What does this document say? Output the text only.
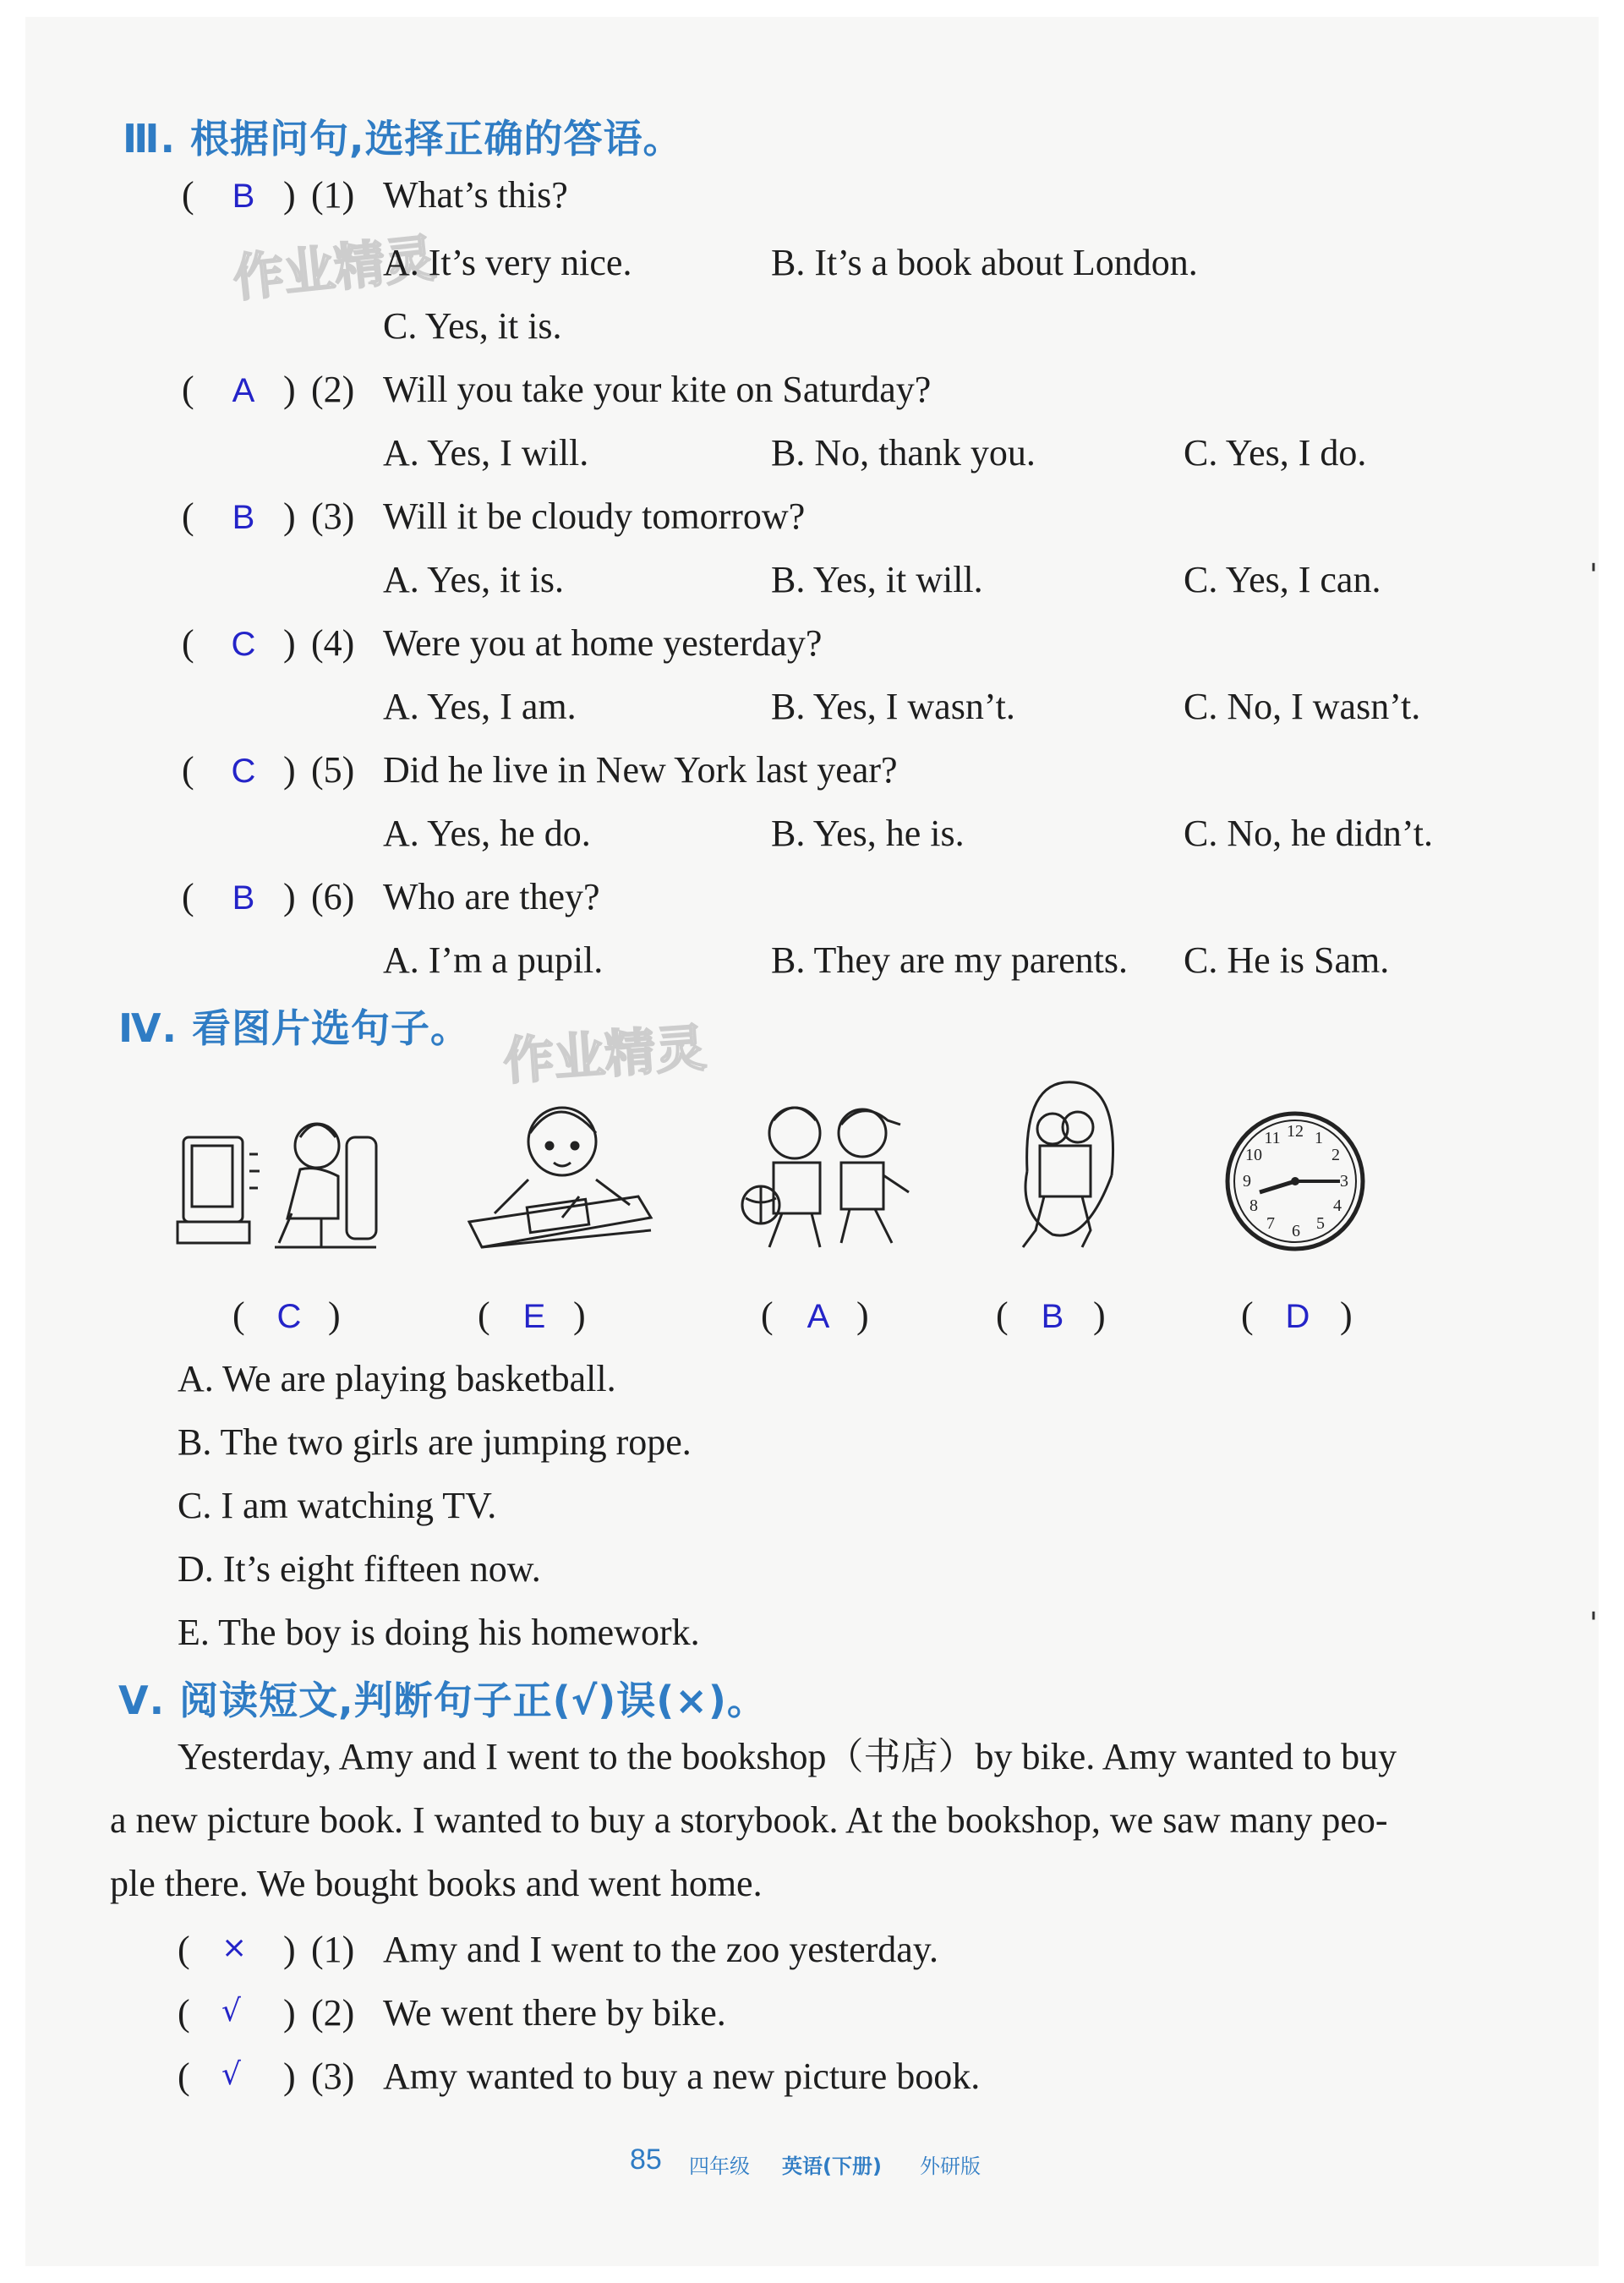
作业精灵
作业精灵
'
'
Ⅲ. 根据问句,选择正确的答语。
( B ) (1) What’s this?
A. It’s very nice.	B. It’s a book about London.
C. Yes, it is.
( A ) (2) Will you take your kite on Saturday?
A. Yes, I will.	B. No, thank you.	C. Yes, I do.
( B ) (3) Will it be cloudy tomorrow?
A. Yes, it is.	B. Yes, it will.	C. Yes, I can.
( C ) (4) Were you at home yesterday?
A. Yes, I am.	B. Yes, I wasn’t.	C. No, I wasn’t.
( C ) (5) Did he live in New York last year?
A. Yes, he do.	B. Yes, he is.	C. No, he didn’t.
( B ) (6) Who are they?
A. I’m a pupil.	B. They are my parents. C. He is Sam.
Ⅳ. 看图片选句子。
12 1
2
3
4
5
6
7
8
9
10
11
( C )	( E )	( A )	( B )	( D )
A. We are playing basketball.
B. The two girls are jumping rope.
C. I am watching TV.
D. It’s eight fifteen now.
E. The boy is doing his homework.
Ⅴ. 阅读短文,判断句子正(√)误(×)。
Yesterday, Amy and I went to the bookshop（书店）by bike. Amy wanted to buy
a new picture book. I wanted to buy a storybook. At the bookshop, we saw many peo-
ple there. We bought books and went home.
( × ) (1) Amy and I went to the zoo yesterday.
( √ ) (2) We went there by bike.
( √ ) (3) Amy wanted to buy a new picture book.
85 四年级 英语(下册) 外研版
